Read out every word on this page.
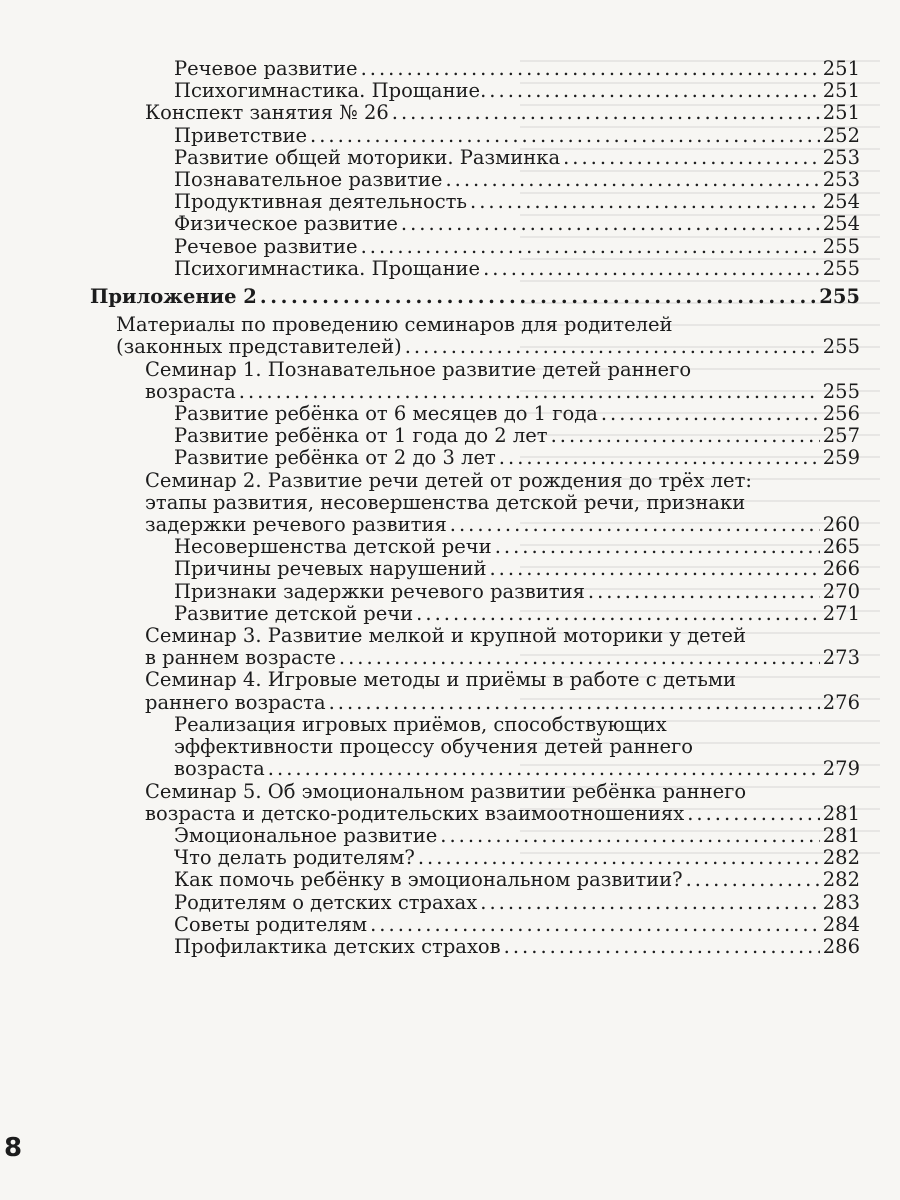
Речевое развитие . . .	251
Психогимнастика. Прощание. . . .	251
Конспект занятия № 26 . . .	251
Приветствие . . .	252
Развитие общей моторики. Разминка . . .	253
Познавательное развитие . . .	253
Продуктивная деятельность . . .	254
Физическое развитие . . .	254
Речевое развитие . . .	255
Психогимнастика. Прощание . . .	255
Приложение 2 . . .	255
Материалы по проведению семинаров для родителей
(законных представителей) . . .	255
Семинар 1. Познавательное развитие детей раннего
возраста . . .	255
Развитие ребёнка от 6 месяцев до 1 года . . .	256
Развитие ребёнка от 1 года до 2 лет . . .	257
Развитие ребёнка от 2 до 3 лет . . .	259
Семинар 2. Развитие речи детей от рождения до трёх лет:
этапы развития, несовершенства детской речи, признаки
задержки речевого развития . . .	260
Несовершенства детской речи . . .	265
Причины речевых нарушений . . .	266
Признаки задержки речевого развития . . .	270
Развитие детской речи . . .	271
Семинар 3. Развитие мелкой и крупной моторики у детей
в раннем возрасте . . .	273
Семинар 4. Игровые методы и приёмы в работе с детьми
раннего возраста . . .	276
Реализация игровых приёмов, способствующих
эффективности процессу обучения детей раннего
возраста . . .	279
Семинар 5. Об эмоциональном развитии ребёнка раннего
возраста и детско-родительских взаимоотношениях . . .	281
Эмоциональное развитие . . .	281
Что делать родителям? . . .	282
Как помочь ребёнку в эмоциональном развитии? . . .	282
Родителям о детских страхах . . .	283
Советы родителям . . .	284
Профилактика детских страхов . . .	286
8
